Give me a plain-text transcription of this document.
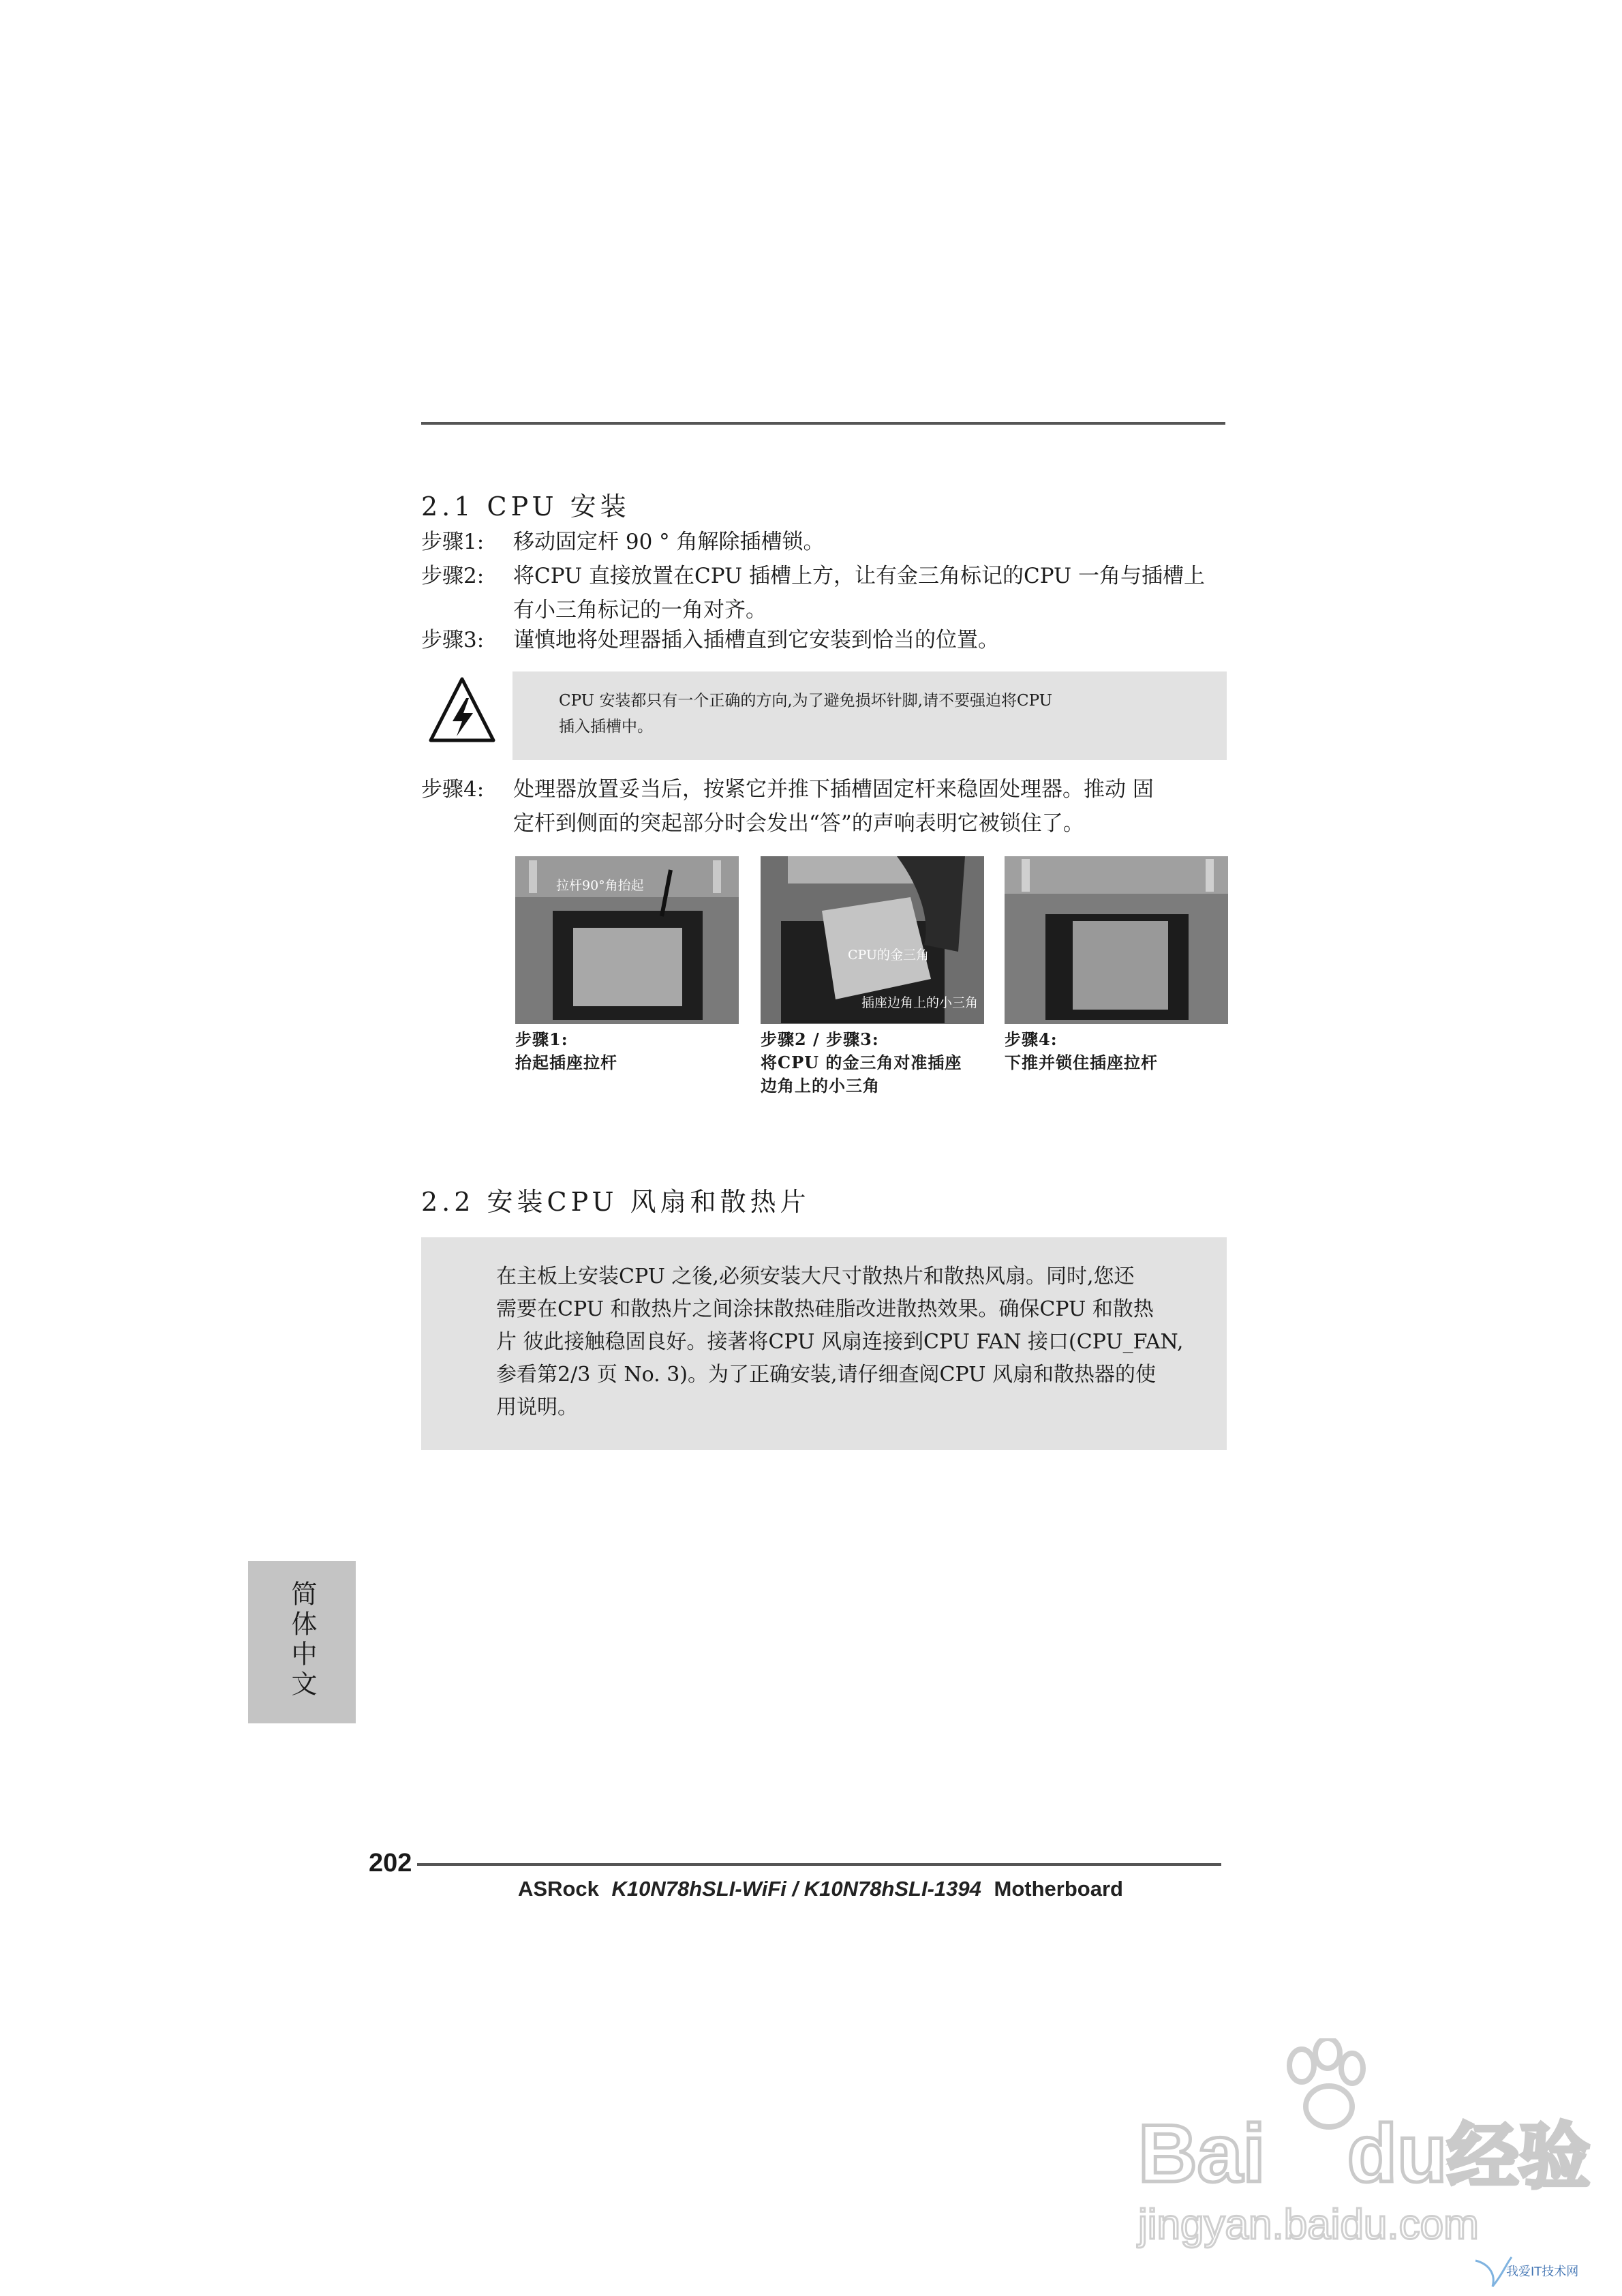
2.1 CPU 安装
步骤1: 移动固定杆 90 ° 角解除插槽锁。
步骤2: 将CPU 直接放置在CPU 插槽上方，让有金三角标记的CPU 一角与插槽上
有小三角标记的一角对齐。
步骤3: 谨慎地将处理器插入插槽直到它安装到恰当的位置。
CPU 安装都只有一个正确的方向,为了避免损坏针脚,请不要强迫将CPU
插入插槽中。
步骤4: 处理器放置妥当后，按紧它并推下插槽固定杆来稳固处理器。推动 固
定杆到侧面的突起部分时会发出“答”的声响表明它被锁住了。
拉杆90°角抬起
CPU的金三角
插座边角上的小三角
步骤1:
抬起插座拉杆
步骤2 / 步骤3:
将CPU 的金三角对准插座
边角上的小三角
步骤4:
下推并锁住插座拉杆
2.2 安装CPU 风扇和散热片
在主板上安装CPU 之後,必须安装大尺寸散热片和散热风扇。同时,您还
需要在CPU 和散热片之间涂抹散热硅脂改进散热效果。确保CPU 和散热
片 彼此接触稳固良好。接著将CPU 风扇连接到CPU FAN 接口(CPU_FAN,
参看第2/3 页 No. 3)。为了正确安装,请仔细查阅CPU 风扇和散热器的使
用说明。
简体中文
202
ASRock K10N78hSLI-WiFi / K10N78hSLI-1394 Motherboard
Bai du经验
jingyan.baidu.com
我爱IT技术网
